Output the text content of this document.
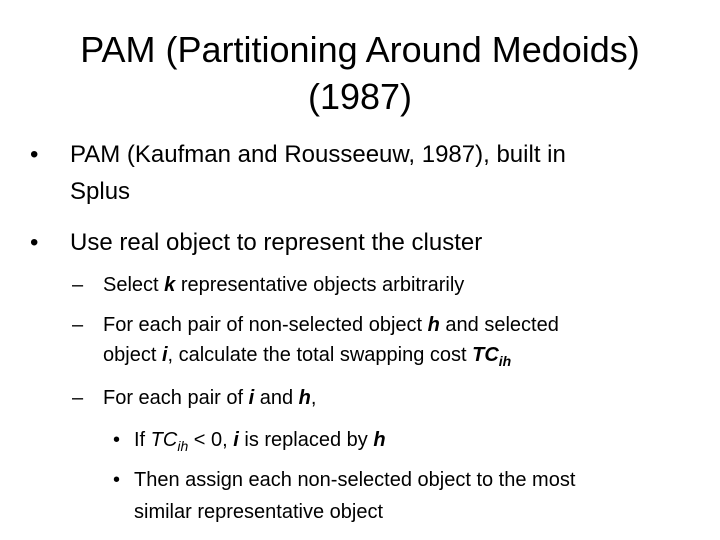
PAM (Partitioning Around Medoids)
(1987)
• PAM (Kaufman and Rousseeuw, 1987), built in
Splus
• Use real object to represent the cluster
– Select k representative objects arbitrarily
– For each pair of non-selected object h and selected
object i, calculate the total swapping cost $TC_{ih}$
– For each pair of i and h,
• If $TC_{ih} < 0$, i is replaced by h
• Then assign each non-selected object to the most
similar representative object
